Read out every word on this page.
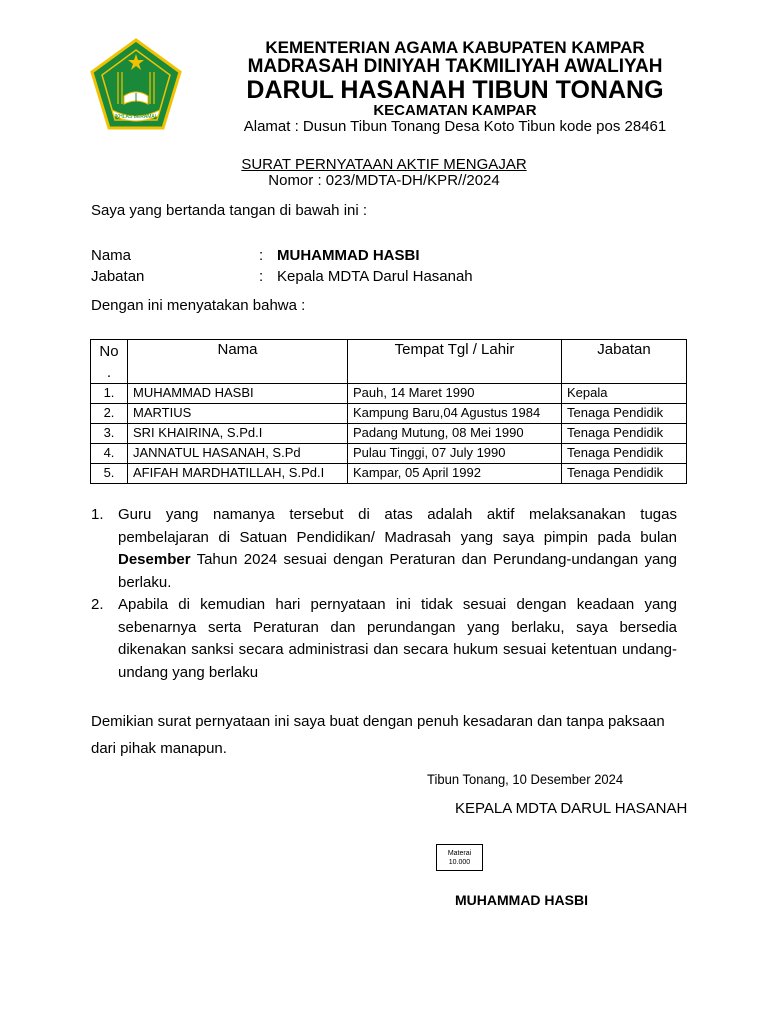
IKHLAS BERAMAL
KEMENTERIAN AGAMA KABUPATEN KAMPAR
MADRASAH DINIYAH TAKMILIYAH AWALIYAH
DARUL HASANAH TIBUN TONANG
KECAMATAN KAMPAR
Alamat : Dusun Tibun Tonang Desa Koto Tibun kode pos 28461
SURAT PERNYATAAN AKTIF MENGAJAR
Nomor : 023/MDTA-DH/KPR//2024
Saya yang bertanda tangan di bawah ini :
Nama	: MUHAMMAD HASBI
Jabatan	: Kepala MDTA Darul Hasanah
Dengan ini menyatakan bahwa :
No .	Nama	Tempat Tgl / Lahir	Jabatan
1.	MUHAMMAD HASBI	Pauh, 14 Maret 1990	Kepala
2.	MARTIUS	Kampung Baru,04 Agustus 1984	Tenaga Pendidik
3.	SRI KHAIRINA, S.Pd.I	Padang Mutung, 08 Mei 1990	Tenaga Pendidik
4.	JANNATUL HASANAH, S.Pd	Pulau Tinggi, 07 July 1990	Tenaga Pendidik
5.	AFIFAH MARDHATILLAH, S.Pd.I	Kampar, 05 April 1992	Tenaga Pendidik
1. Guru yang namanya tersebut di atas adalah aktif melaksanakan tugas pembelajaran di Satuan Pendidikan/ Madrasah yang saya pimpin pada bulan Desember Tahun 2024 sesuai dengan Peraturan dan Perundang-undangan yang berlaku.
2. Apabila di kemudian hari pernyataan ini tidak sesuai dengan keadaan yang sebenarnya serta Peraturan dan perundangan yang berlaku, saya bersedia dikenakan sanksi secara administrasi dan secara hukum sesuai ketentuan undang-undang yang berlaku
Demikian surat pernyataan ini saya buat dengan penuh kesadaran dan tanpa paksaan dari pihak manapun.
Tibun Tonang, 10 Desember 2024
KEPALA MDTA DARUL HASANAH
Materai
10.000
MUHAMMAD HASBI
